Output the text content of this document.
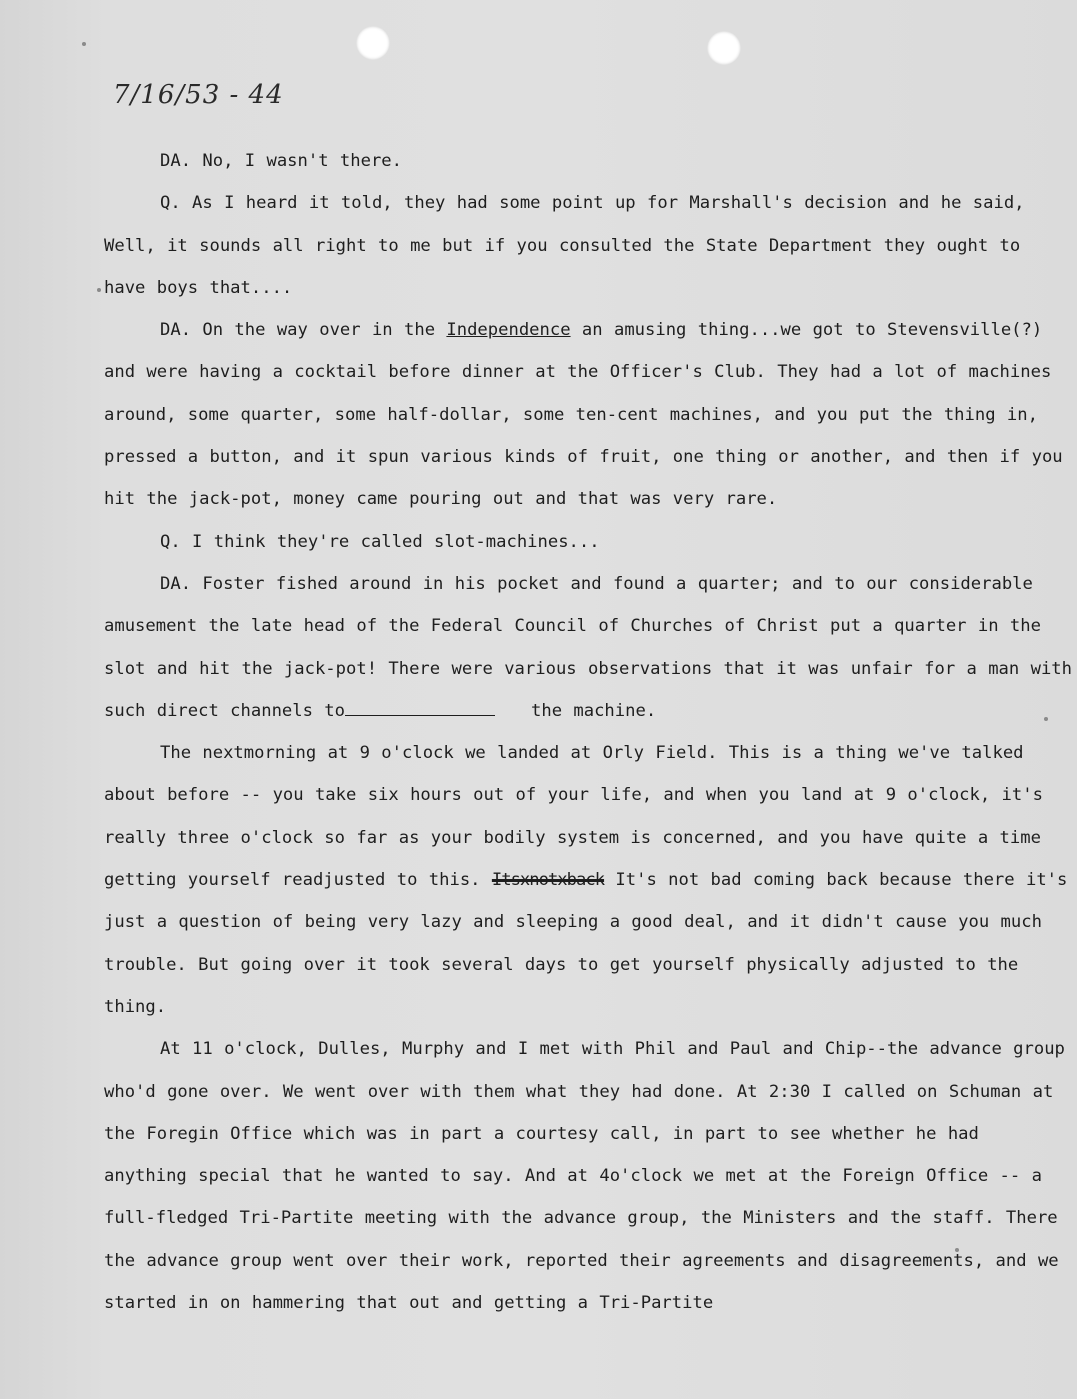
7/16/53 - 44

DA. No, I wasn't there.

Q. As I heard it told, they had some point up for Marshall's decision and he said, Well, it sounds all right to me but if you consulted the State Department they ought to have boys that....

DA. On the way over in the Independence an amusing thing...we got to Stevensville(?) and were having a cocktail before dinner at the Officer's Club. They had a lot of machines around, some quarter, some half-dollar, some ten-cent machines, and you put the thing in, pressed a button, and it spun various kinds of fruit, one thing or another, and then if you hit the jack-pot, money came pouring out and that was very rare.

Q. I think they're called slot-machines...

DA. Foster fished around in his pocket and found a quarter; and to our considerable amusement the late head of the Federal Council of Churches of Christ put a quarter in the slot and hit the jack-pot! There were various observations that it was unfair for a man with such direct channels to	the machine.

The nextmorning at 9 o'clock we landed at Orly Field. This is a thing we've talked about before -- you take six hours out of your life, and when you land at 9 o'clock, it's really three o'clock so far as your bodily system is concerned, and you have quite a time getting yourself readjusted to this. Itsxnotxback It's not bad coming back because there it's just a question of being very lazy and sleeping a good deal, and it didn't cause you much trouble. But going over it took several days to get yourself physically adjusted to the thing.

At 11 o'clock, Dulles, Murphy and I met with Phil and Paul and Chip--the advance group who'd gone over. We went over with them what they had done. At 2:30 I called on Schuman at the Foregin Office which was in part a courtesy call, in part to see whether he had anything special that he wanted to say. And at 4o'clock we met at the Foreign Office -- a full-fledged Tri-Partite meeting with the advance group, the Ministers and the staff. There the advance group went over their work, reported their agreements and disagreements, and we started in on hammering that out and getting a Tri-Partite
